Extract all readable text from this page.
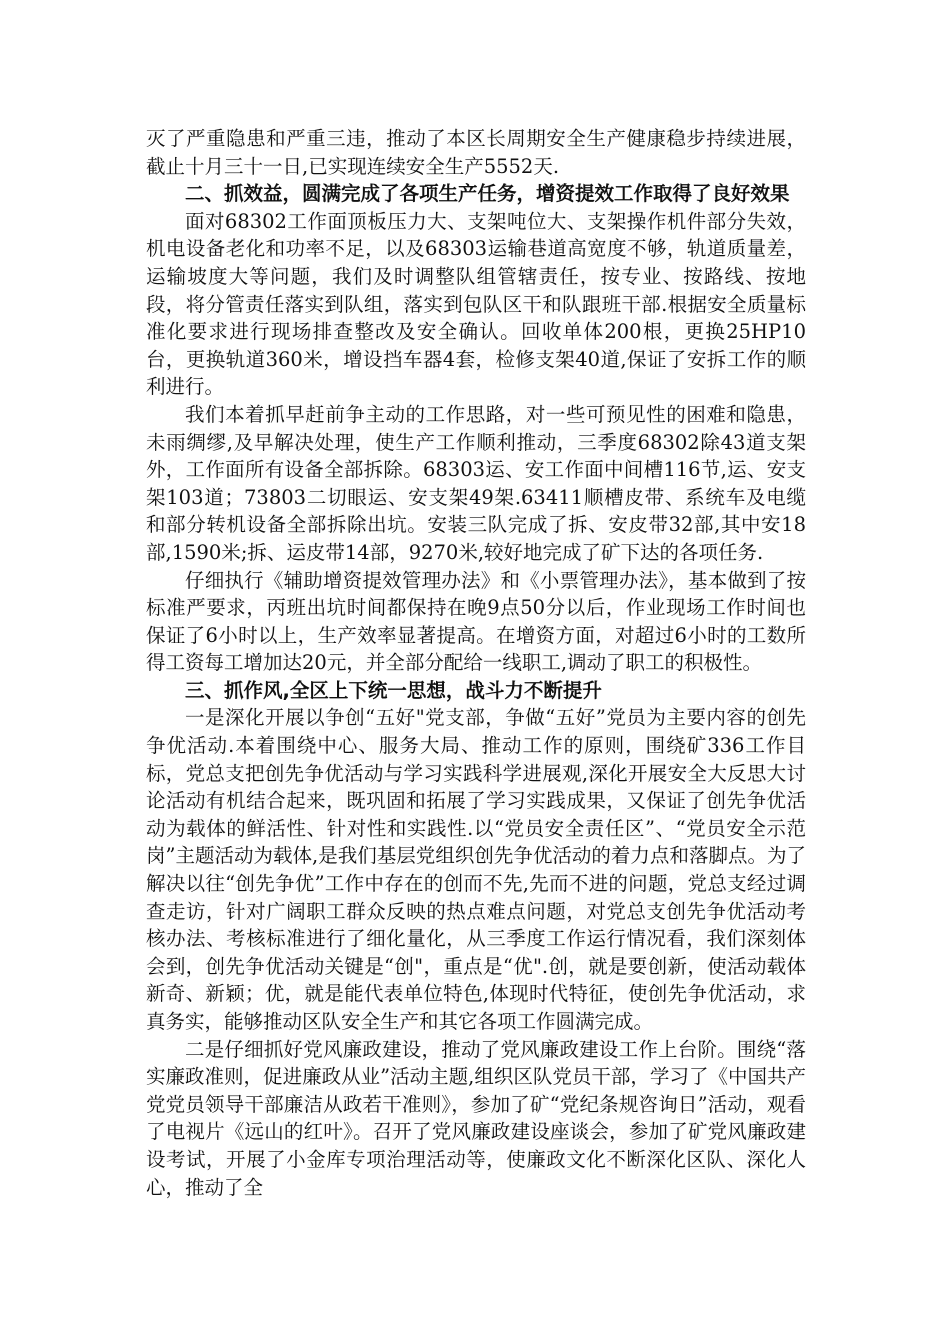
灭了严重隐患和严重三违，推动了本区长周期安全生产健康稳步持续进展，截止十月三十一日,已实现连续安全生产5552天.

二、抓效益，圆满完成了各项生产任务，增资提效工作取得了良好效果

面对68302工作面顶板压力大、支架吨位大、支架操作机件部分失效，机电设备老化和功率不足，以及68303运输巷道高宽度不够，轨道质量差，运输坡度大等问题，我们及时调整队组管辖责任，按专业、按路线、按地段，将分管责任落实到队组，落实到包队区干和队跟班干部.根据安全质量标准化要求进行现场排查整改及安全确认。回收单体200根，更换25HP10台，更换轨道360米，增设挡车器4套，检修支架40道,保证了安拆工作的顺利进行。

我们本着抓早赶前争主动的工作思路，对一些可预见性的困难和隐患，未雨绸缪,及早解决处理，使生产工作顺利推动，三季度68302除43道支架外，工作面所有设备全部拆除。68303运、安工作面中间槽116节,运、安支架103道；73803二切眼运、安支架49架.63411顺槽皮带、系统车及电缆和部分转机设备全部拆除出坑。安装三队完成了拆、安皮带32部,其中安18部,1590米;拆、运皮带14部，9270米,较好地完成了矿下达的各项任务.

仔细执行《辅助增资提效管理办法》和《小票管理办法》，基本做到了按标准严要求，丙班出坑时间都保持在晚9点50分以后，作业现场工作时间也保证了6小时以上，生产效率显著提高。在增资方面，对超过6小时的工数所得工资每工增加达20元，并全部分配给一线职工,调动了职工的积极性。

三、抓作风,全区上下统一思想，战斗力不断提升

一是深化开展以争创“五好"党支部，争做“五好”党员为主要内容的创先争优活动.本着围绕中心、服务大局、推动工作的原则，围绕矿336工作目标，党总支把创先争优活动与学习实践科学进展观,深化开展安全大反思大讨论活动有机结合起来，既巩固和拓展了学习实践成果，又保证了创先争优活动为载体的鲜活性、针对性和实践性.以“党员安全责任区”、“党员安全示范岗”主题活动为载体,是我们基层党组织创先争优活动的着力点和落脚点。为了解决以往“创先争优”工作中存在的创而不先,先而不进的问题，党总支经过调查走访，针对广阔职工群众反映的热点难点问题，对党总支创先争优活动考核办法、考核标准进行了细化量化，从三季度工作运行情况看，我们深刻体会到，创先争优活动关键是“创"，重点是“优".创，就是要创新，使活动载体新奇、新颖；优，就是能代表单位特色,体现时代特征，使创先争优活动，求真务实，能够推动区队安全生产和其它各项工作圆满完成。

二是仔细抓好党风廉政建设，推动了党风廉政建设工作上台阶。围绕“落实廉政准则，促进廉政从业”活动主题,组织区队党员干部，学习了《中国共产党党员领导干部廉洁从政若干准则》，参加了矿“党纪条规咨询日”活动，观看了电视片《远山的红叶》。召开了党风廉政建设座谈会，参加了矿党风廉政建设考试，开展了小金库专项治理活动等，使廉政文化不断深化区队、深化人心，推动了全
